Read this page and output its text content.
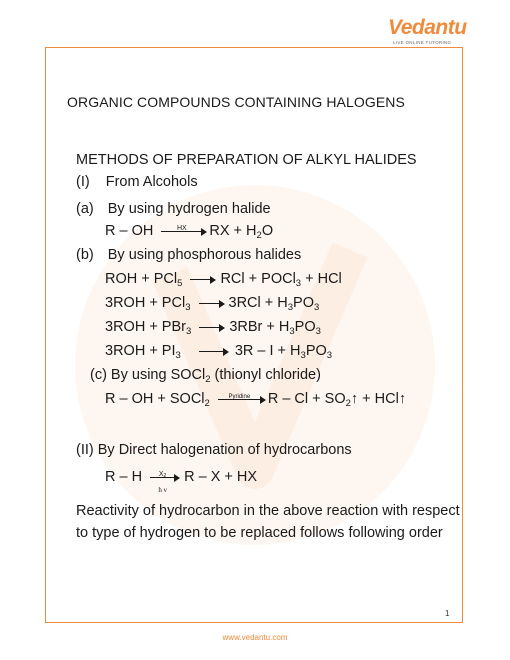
Vedantu
LIVE ONLINE TUTORING
ORGANIC COMPOUNDS CONTAINING HALOGENS
METHODS OF PREPARATION OF ALKYL HALIDES
(I) From Alcohols
(a) By using hydrogen halide
R – OH	HX	RX + $H_2O$
(b) By using phosphorous halides
ROH + PCl$_5$	RCl + POCl$_3$ + HCl
3ROH + PCl$_3$	$3RCl + H_3PO_3$
3ROH + PBr$_3$	$3RBr + H_3PO_3$
$3ROH + PI_3$	$3R - I + H_3PO_3$
(c) By using SOCl$_2$ (thionyl chloride)
R – OH + SOCl$_2$
Pyridine	$R - Cl + SO_2↑$ + HCl↑
(II) By Direct halogenation of hydrocarbons
R – H $\frac{X_2}{\text{h ν}}$ R – X + HX
Reactivity of hydrocarbon in the above reaction with respect
to type of hydrogen to be replaced follows following order
1
www.vedantu.com
